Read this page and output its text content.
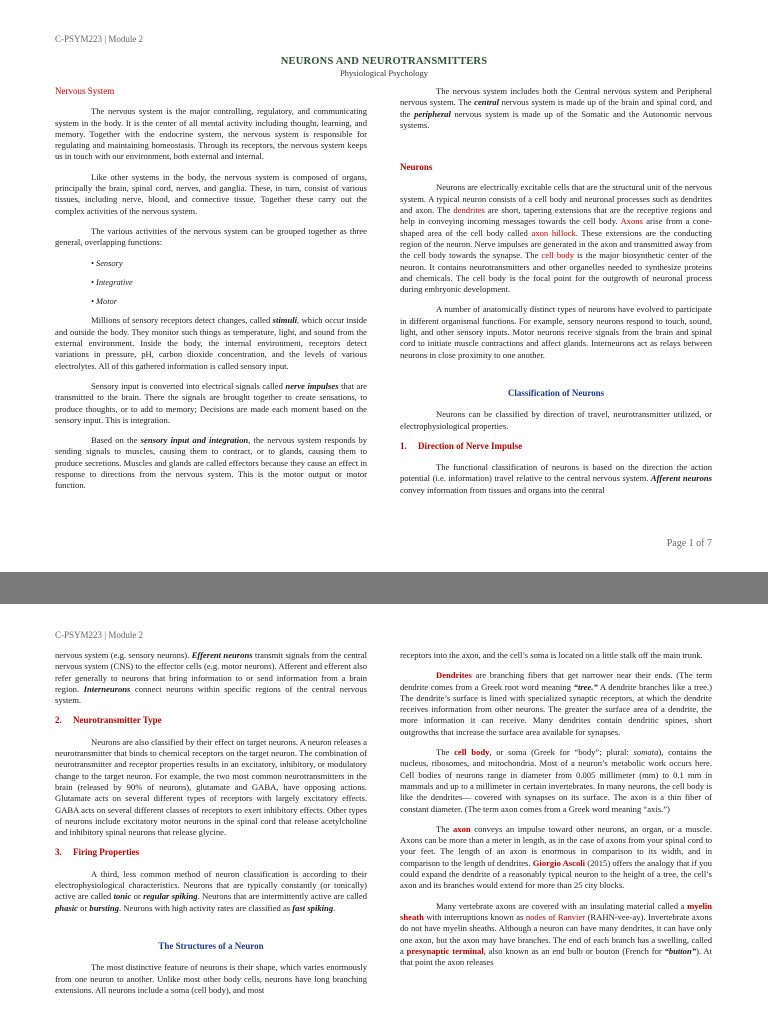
C-PSYM223 | Module 2
NEURONS AND NEUROTRANSMITTERS
Physiological Psychology

Nervous System

The nervous system is the major controlling, regulatory, and communicating system in the body. It is the center of all mental activity including thought, learning, and memory. Together with the endocrine system, the nervous system is responsible for regulating and maintaining homeostasis. Through its receptors, the nervous system keeps us in touch with our environment, both external and internal.

Like other systems in the body, the nervous system is composed of organs, principally the brain, spinal cord, nerves, and ganglia. These, in turn, consist of various tissues, including nerve, blood, and connective tissue. Together these carry out the complex activities of the nervous system.

The various activities of the nervous system can be grouped together as three general, overlapping functions:

• Sensory
• Integrative
• Motor

Millions of sensory receptors detect changes, called stimuli, which occur inside and outside the body. They monitor such things as temperature, light, and sound from the external environment. Inside the body, the internal environment, receptors detect variations in pressure, pH, carbon dioxide concentration, and the levels of various electrolytes. All of this gathered information is called sensory input.

Sensory input is converted into electrical signals called nerve impulses that are transmitted to the brain. There the signals are brought together to create sensations, to produce thoughts, or to add to memory; Decisions are made each moment based on the sensory input. This is integration.

Based on the sensory input and integration, the nervous system responds by sending signals to muscles, causing them to contract, or to glands, causing them to produce secretions. Muscles and glands are called effectors because they cause an effect in response to directions from the nervous system. This is the motor output or motor function.

The nervous system includes both the Central nervous system and Peripheral nervous system. The central nervous system is made up of the brain and spinal cord, and the peripheral nervous system is made up of the Somatic and the Autonomic nervous systems.

Neurons

Neurons are electrically excitable cells that are the structural unit of the nervous system. A typical neuron consists of a cell body and neuronal processes such as dendrites and axon. The dendrites are short, tapering extensions that are the receptive regions and help in conveying incoming messages towards the cell body. Axons arise from a cone-shaped area of the cell body called axon hillock. These extensions are the conducting region of the neuron. Nerve impulses are generated in the axon and transmitted away from the cell body towards the synapse. The cell body is the major biosynthetic center of the neuron. It contains neurotransmitters and other organelles needed to synthesize proteins and chemicals. The cell body is the focal point for the outgrowth of neuronal process during embryonic development.

A number of anatomically distinct types of neurons have evolved to participate in different organismal functions. For example, sensory neurons respond to touch, sound, light, and other sensory inputs. Motor neurons receive signals from the brain and spinal cord to initiate muscle contractions and affect glands. Interneurons act as relays between neurons in close proximity to one another.

Classification of Neurons

Neurons can be classified by direction of travel, neurotransmitter utilized, or electrophysiological properties.

1. Direction of Nerve Impulse

The functional classification of neurons is based on the direction the action potential (i.e. information) travel relative to the central nervous system. Afferent neurons convey information from tissues and organs into the central

Page 1 of 7
C-PSYM223 | Module 2

nervous system (e.g. sensory neurons). Efferent neurons transmit signals from the central nervous system (CNS) to the effector cells (e.g. motor neurons). Afferent and efferent also refer generally to neurons that bring information to or send information from a brain region. Interneurons connect neurons within specific regions of the central nervous system.

2. Neurotransmitter Type

Neurons are also classified by their effect on target neurons. A neuron releases a neurotransmitter that binds to chemical receptors on the target neuron. The combination of neurotransmitter and receptor properties results in an excitatory, inhibitory, or modulatory change to the target neuron. For example, the two most common neurotransmitters in the brain (released by 90% of neurons), glutamate and GABA, have opposing actions. Glutamate acts on several different types of receptors with largely excitatory effects. GABA acts on several different classes of receptors to exert inhibitory effects. Other types of neurons include excitatory motor neurons in the spinal cord that release acetylcholine and inhibitory spinal neurons that release glycine.

3. Firing Properties

A third, less common method of neuron classification is according to their electrophysiological characteristics. Neurons that are typically constantly (or tonically) active are called tonic or regular spiking. Neurons that are intermittently active are called phasic or bursting. Neurons with high activity rates are classified as fast spiking.

The Structures of a Neuron

The most distinctive feature of neurons is their shape, which varies enormously from one neuron to another. Unlike most other body cells, neurons have long branching extensions. All neurons include a soma (cell body), and most

receptors into the axon, and the cell’s soma is located on a little stalk off the main trunk.

Dendrites are branching fibers that get narrower near their ends. (The term dendrite comes from a Greek root word meaning “tree.” A dendrite branches like a tree.) The dendrite’s surface is lined with specialized synaptic receptors, at which the dendrite receives information from other neurons. The greater the surface area of a dendrite, the more information it can receive. Many dendrites contain dendritic spines, short outgrowths that increase the surface area available for synapses.

The cell body, or soma (Greek for “body”; plural: somata), contains the nucleus, ribosomes, and mitochondria. Most of a neuron’s metabolic work occurs here. Cell bodies of neurons range in diameter from 0.005 millimeter (mm) to 0.1 mm in mammals and up to a millimeter in certain invertebrates. In many neurons, the cell body is like the dendrites— covered with synapses on its surface. The axon is a thin fiber of constant diameter. (The term axon comes from a Greek word meaning “axis.”)

The axon conveys an impulse toward other neurons, an organ, or a muscle. Axons can be more than a meter in length, as in the case of axons from your spinal cord to your feet. The length of an axon is enormous in comparison to its width, and in comparison to the length of dendrites. Giorgio Ascoli (2015) offers the analogy that if you could expand the dendrite of a reasonably typical neuron to the height of a tree, the cell’s axon and its branches would extend for more than 25 city blocks.

Many vertebrate axons are covered with an insulating material called a myelin sheath with interruptions known as nodes of Ranvier (RAHN-vee-ay). Invertebrate axons do not have myelin sheaths. Although a neuron can have many dendrites, it can have only one axon, but the axon may have branches. The end of each branch has a swelling, called a presynaptic terminal, also known as an end bulb or bouton (French for “button”). At that point the axon releases
